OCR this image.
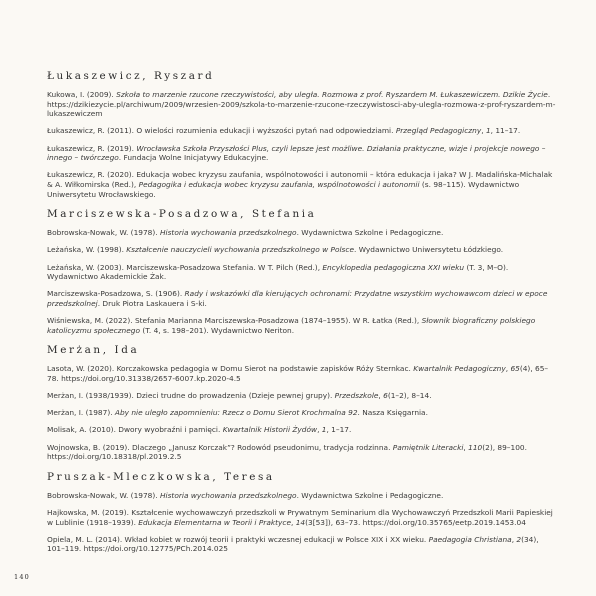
Łukaszewicz, Ryszard

Kukowa, I. (2009). Szkoła to marzenie rzucone rzeczywistości, aby uległa. Rozmowa z prof. Ryszardem M. Łukaszewiczem. Dzikie Życie. https://dzikiezycie.pl/archiwum/2009/wrzesien-2009/szkola-to-marzenie-rzucone-rzeczywistosci-aby-ulegla-rozmowa-z-prof-ryszardem-m-lukaszewiczem

Łukaszewicz, R. (2011). O wielości rozumienia edukacji i wyższości pytań nad odpowiedziami. Przegląd Pedagogiczny, 1, 11–17.

Łukaszewicz, R. (2019). Wrocławska Szkoła Przyszłości Plus, czyli lepsze jest możliwe. Działania praktyczne, wizje i projekcje nowego – innego – twórczego. Fundacja Wolne Inicjatywy Edukacyjne.

Łukaszewicz, R. (2020). Edukacja wobec kryzysu zaufania, wspólnotowości i autonomii – która edukacja i jaka? W J. Madalińska-Michalak & A. Wiłkomirska (Red.), Pedagogika i edukacja wobec kryzysu zaufania, wspólnotowości i autonomii (s. 98–115). Wydawnictwo Uniwersytetu Wrocławskiego.

Marciszewska-Posadzowa, Stefania

Bobrowska-Nowak, W. (1978). Historia wychowania przedszkolnego. Wydawnictwa Szkolne i Pedagogiczne.

Leżańska, W. (1998). Kształcenie nauczycieli wychowania przedszkolnego w Polsce. Wydawnictwo Uniwersytetu Łódzkiego.

Leżańska, W. (2003). Marciszewska-Posadzowa Stefania. W T. Pilch (Red.), Encyklopedia pedagogiczna XXI wieku (T. 3, M–O). Wydawnictwo Akademickie Żak.

Marciszewska-Posadzowa, S. (1906). Rady i wskazówki dla kierujących ochronami: Przydatne wszystkim wychowawcom dzieci w epoce przedszkolnej. Druk Piotra Laskauera i S-ki.

Wiśniewska, M. (2022). Stefania Marianna Marciszewska-Posadzowa (1874–1955). W R. Łatka (Red.), Słownik biograficzny polskiego katolicyzmu społecznego (T. 4, s. 198–201). Wydawnictwo Neriton.

Merżan, Ida

Lasota, W. (2020). Korczakowska pedagogia w Domu Sierot na podstawie zapisków Róży Sternkac. Kwartalnik Pedagogiczny, 65(4), 65–78. https://doi.org/10.31338/2657-6007.kp.2020-4.5

Merżan, I. (1938/1939). Dzieci trudne do prowadzenia (Dzieje pewnej grupy). Przedszkole, 6(1–2), 8–14.

Merżan, I. (1987). Aby nie uległo zapomnieniu: Rzecz o Domu Sierot Krochmalna 92. Nasza Księgarnia.

Molisak, A. (2010). Dwory wyobraźni i pamięci. Kwartalnik Historii Żydów, 1, 1–17.

Wojnowska, B. (2019). Dlaczego „Janusz Korczak”? Rodowód pseudonimu, tradycja rodzinna. Pamiętnik Literacki, 110(2), 89–100. https://doi.org/10.18318/pl.2019.2.5

Pruszak-Mleczkowska, Teresa

Bobrowska-Nowak, W. (1978). Historia wychowania przedszkolnego. Wydawnictwa Szkolne i Pedagogiczne.

Hajkowska, M. (2019). Kształcenie wychowawczyń przedszkoli w Prywatnym Seminarium dla Wychowawczyń Przedszkoli Marii Papieskiej w Lublinie (1918–1939). Edukacja Elementarna w Teorii i Praktyce, 14(3[53]), 63–73. https://doi.org/10.35765/eetp.2019.1453.04

Opiela, M. L. (2014). Wkład kobiet w rozwój teorii i praktyki wczesnej edukacji w Polsce XIX i XX wieku. Paedagogia Christiana, 2(34), 101–119. https://doi.org/10.12775/PCh.2014.025

140
